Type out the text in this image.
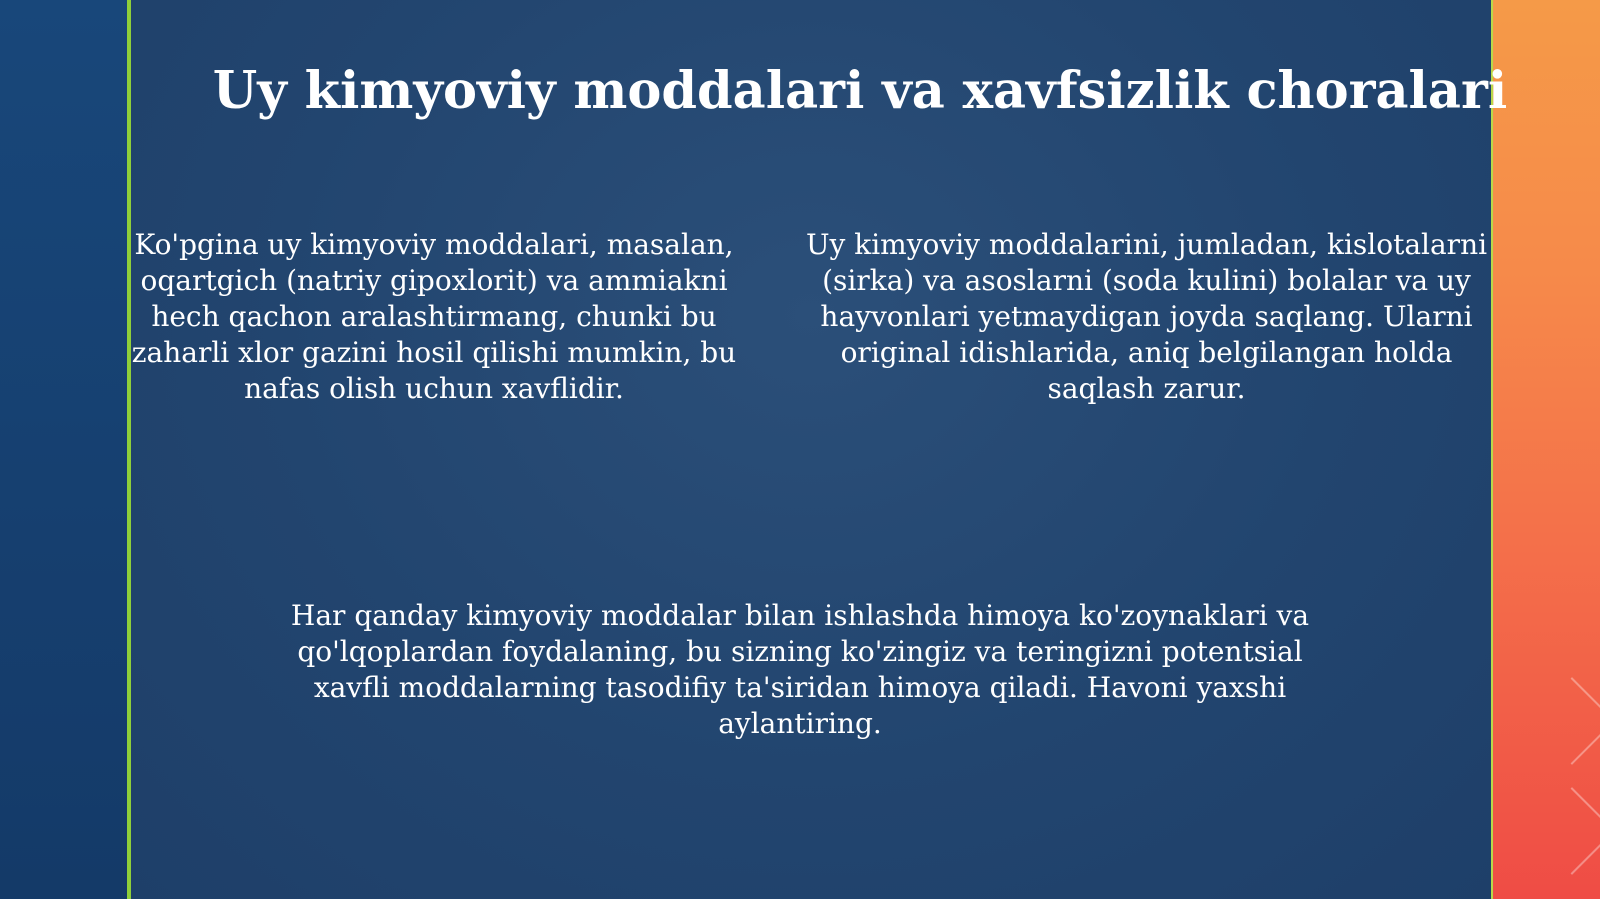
Uy kimyoviy moddalari va xavfsizlik choralari

Ko'pgina uy kimyoviy moddalari, masalan, oqartgich (natriy gipoxlorit) va ammiakni hech qachon aralashtirmang, chunki bu zaharli xlor gazini hosil qilishi mumkin, bu nafas olish uchun xavflidir.

Uy kimyoviy moddalarini, jumladan, kislotalarni (sirka) va asoslarni (soda kulini) bolalar va uy hayvonlari yetmaydigan joyda saqlang. Ularni original idishlarida, aniq belgilangan holda saqlash zarur.

Har qanday kimyoviy moddalar bilan ishlashda himoya ko'zoynaklari va qo'lqoplardan foydalaning, bu sizning ko'zingiz va teringizni potentsial xavfli moddalarning tasodifiy ta'siridan himoya qiladi. Havoni yaxshi aylantiring.
